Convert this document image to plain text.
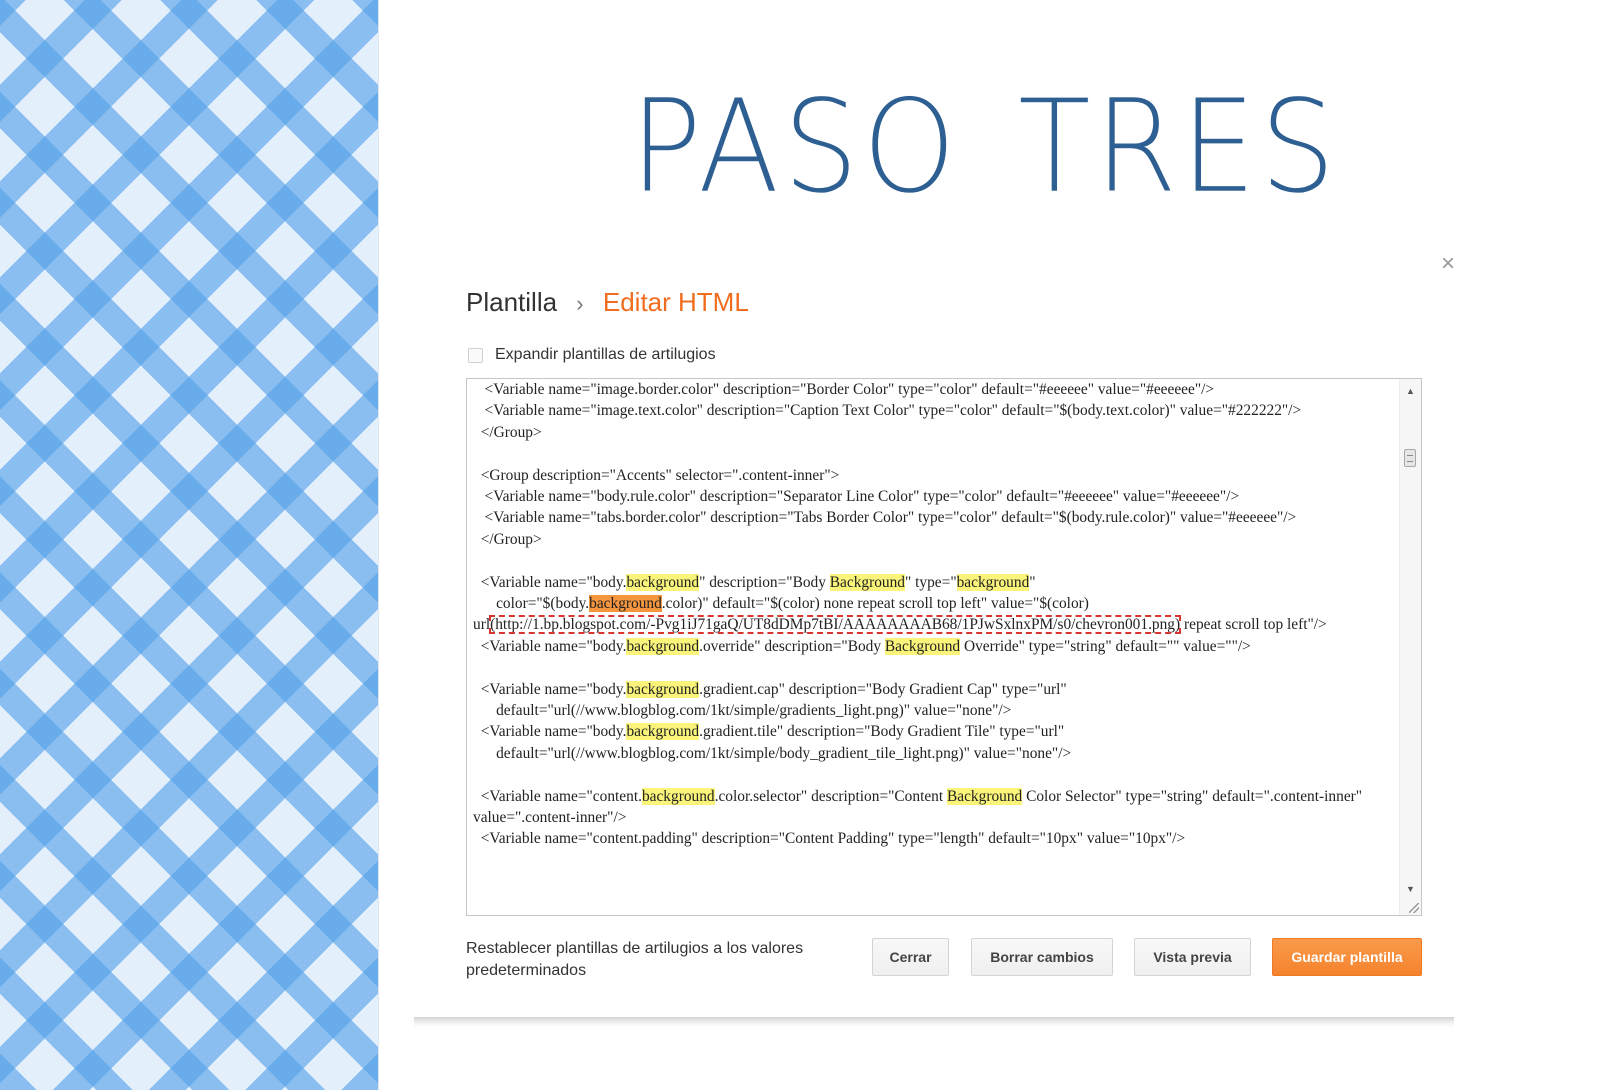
PASO TRES
×
Plantilla › Editar HTML
Expandir plantillas de artilugios
<Variable name="image.border.color" description="Border Color" type="color" default="#eeeeee" value="#eeeeee"/>
<Variable name="image.text.color" description="Caption Text Color" type="color" default="$(body.text.color)" value="#222222"/>
</Group>
<Group description="Accents" selector=".content-inner">
<Variable name="body.rule.color" description="Separator Line Color" type="color" default="#eeeeee" value="#eeeeee"/>
<Variable name="tabs.border.color" description="Tabs Border Color" type="color" default="$(body.rule.color)" value="#eeeeee"/>
</Group>
<Variable name="body.background" description="Body Background" type="background"
color="$(body.background.color)" default="$(color) none repeat scroll top left" value="$(color)
url(http://1.bp.blogspot.com/-Pvg1iJ71gaQ/UT8dDMp7tBI/AAAAAAAAB68/1PJwSxlnxPM/s0/chevron001.png) repeat scroll top left"/>
<Variable name="body.background.override" description="Body Background Override" type="string" default="" value=""/>
<Variable name="body.background.gradient.cap" description="Body Gradient Cap" type="url"
default="url(//www.blogblog.com/1kt/simple/gradients_light.png)" value="none"/>
<Variable name="body.background.gradient.tile" description="Body Gradient Tile" type="url"
default="url(//www.blogblog.com/1kt/simple/body_gradient_tile_light.png)" value="none"/>
<Variable name="content.background.color.selector" description="Content Background Color Selector" type="string" default=".content-inner" value=".content-inner"/>
<Variable name="content.padding" description="Content Padding" type="length" default="10px" value="10px"/>
▲
▼
Restablecer plantillas de artilugios a los valores predeterminados
Cerrar	Borrar cambios	Vista previa	Guardar plantilla
